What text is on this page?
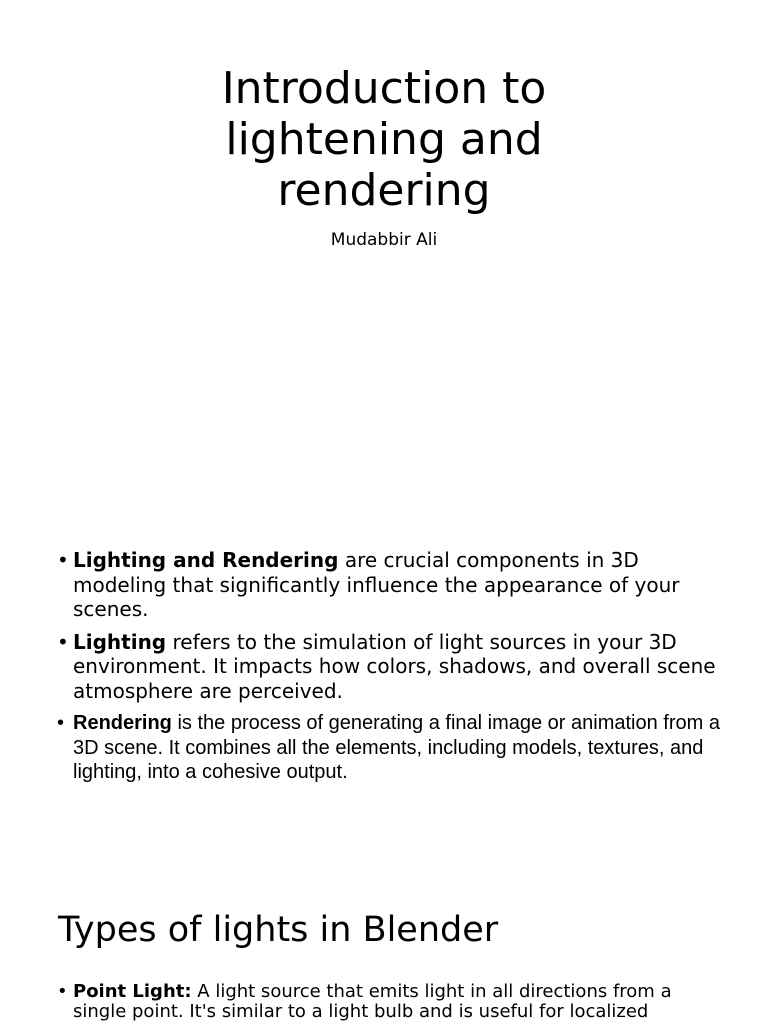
Introduction to
lightening and
rendering
Mudabbir Ali
• Lighting and Rendering are crucial components in 3D modeling that significantly influence the appearance of your scenes.
• Lighting refers to the simulation of light sources in your 3D environment. It impacts how colors, shadows, and overall scene atmosphere are perceived.
• Rendering is the process of generating a final image or animation from a 3D scene. It combines all the elements, including models, textures, and lighting, into a cohesive output.
Types of lights in Blender
• Point Light: A light source that emits light in all directions from a single point. It's similar to a light bulb and is useful for localized
